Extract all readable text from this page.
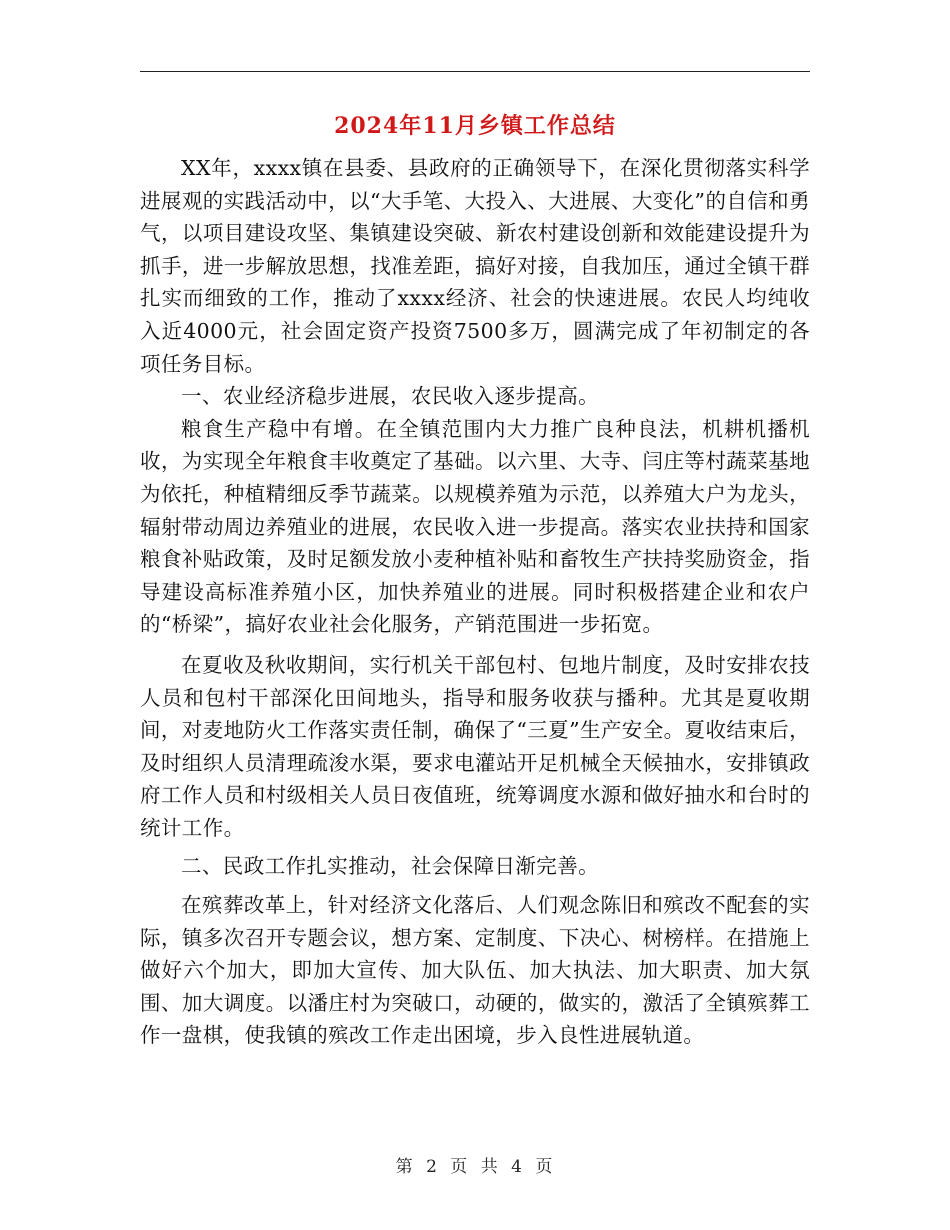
2024年11月乡镇工作总结

XX年，xxxx镇在县委、县政府的正确领导下，在深化贯彻落实科学进展观的实践活动中，以“大手笔、大投入、大进展、大变化”的自信和勇气，以项目建设攻坚、集镇建设突破、新农村建设创新和效能建设提升为抓手，进一步解放思想，找准差距，搞好对接，自我加压，通过全镇干群扎实而细致的工作，推动了xxxx经济、社会的快速进展。农民人均纯收入近4000元，社会固定资产投资7500多万，圆满完成了年初制定的各项任务目标。

一、农业经济稳步进展，农民收入逐步提高。

粮食生产稳中有增。在全镇范围内大力推广良种良法，机耕机播机收，为实现全年粮食丰收奠定了基础。以六里、大寺、闫庄等村蔬菜基地为依托，种植精细反季节蔬菜。以规模养殖为示范，以养殖大户为龙头，辐射带动周边养殖业的进展，农民收入进一步提高。落实农业扶持和国家粮食补贴政策，及时足额发放小麦种植补贴和畜牧生产扶持奖励资金，指导建设高标准养殖小区，加快养殖业的进展。同时积极搭建企业和农户的“桥梁”，搞好农业社会化服务，产销范围进一步拓宽。

在夏收及秋收期间，实行机关干部包村、包地片制度，及时安排农技人员和包村干部深化田间地头，指导和服务收获与播种。尤其是夏收期间，对麦地防火工作落实责任制，确保了“三夏”生产安全。夏收结束后，及时组织人员清理疏浚水渠，要求电灌站开足机械全天候抽水，安排镇政府工作人员和村级相关人员日夜值班，统筹调度水源和做好抽水和台时的统计工作。

二、民政工作扎实推动，社会保障日渐完善。

在殡葬改革上，针对经济文化落后、人们观念陈旧和殡改不配套的实际，镇多次召开专题会议，想方案、定制度、下决心、树榜样。在措施上做好六个加大，即加大宣传、加大队伍、加大执法、加大职责、加大氛围、加大调度。以潘庄村为突破口，动硬的，做实的，激活了全镇殡葬工作一盘棋，使我镇的殡改工作走出困境，步入良性进展轨道。

第 2 页 共 4 页
